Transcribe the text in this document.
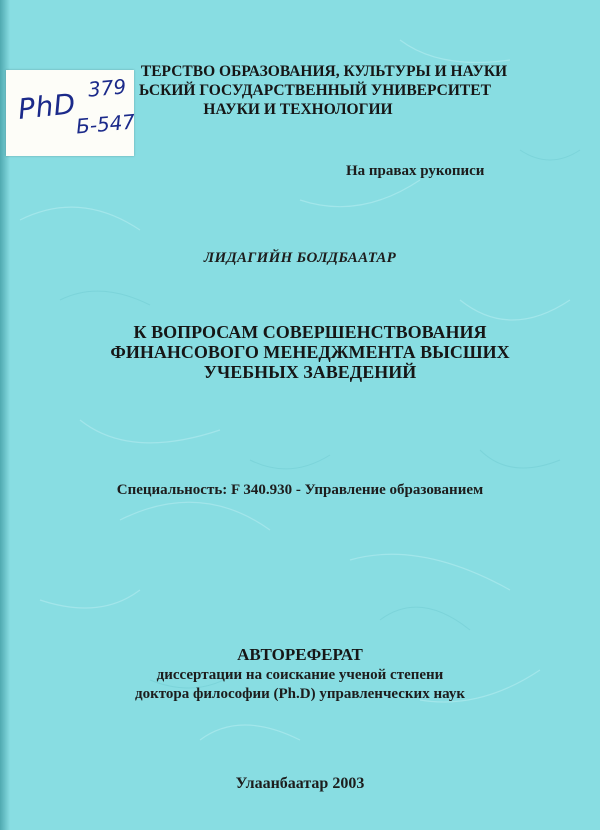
ТЕРСТВО ОБРАЗОВАНИЯ, КУЛЬТУРЫ И НАУКИ
ЬСКИЙ ГОСУДАРСТВЕННЫЙ УНИВЕРСИТЕТ
НАУКИ И ТЕХНОЛОГИИ
PhD 379
Б-547
На правах рукописи
ЛИДАГИЙН БОЛДБААТАР
К ВОПРОСАМ СОВЕРШЕНСТВОВАНИЯ
ФИНАНСОВОГО МЕНЕДЖМЕНТА ВЫСШИХ
УЧЕБНЫХ ЗАВЕДЕНИЙ
Специальность: F 340.930 - Управление образованием
АВТОРЕФЕРАТ
диссертации на соискание ученой степени
доктора философии (Ph.D) управленческих наук
Улаанбаатар 2003
